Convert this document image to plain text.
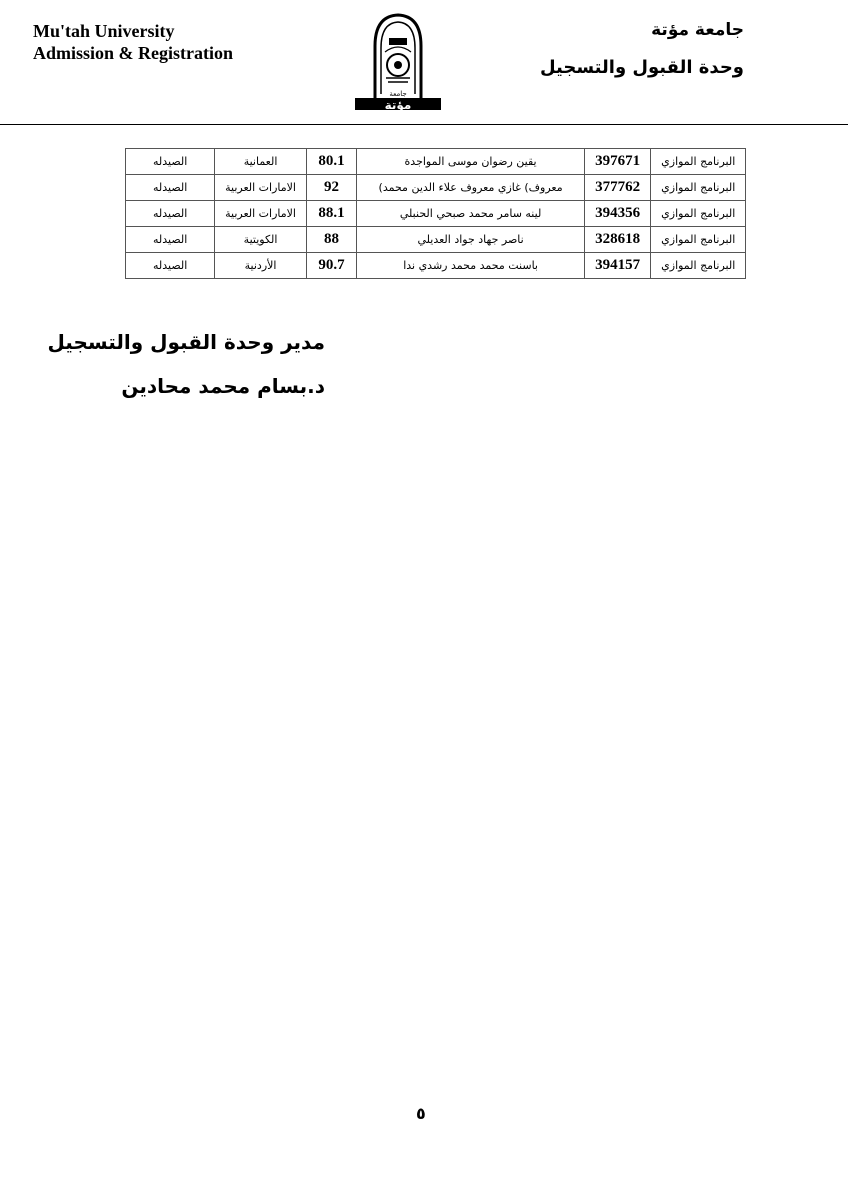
Mu'tah University
Admission & Registration
جامعة
مؤتة
جامعة مؤتة
وحدة القبول والتسجيل
البرنامج الموازي	397671	يقين رضوان موسى المواجدة	80.1	العمانية	الصيدله
البرنامج الموازي	377762	معروف) غازي معروف علاء الدين محمد)	92	الامارات العربية	الصيدله
البرنامج الموازي	394356	لينه سامر محمد صبحي الحنبلي	88.1	الامارات العربية	الصيدله
البرنامج الموازي	328618	ناصر جهاد جواد العديلي	88	الكويتية	الصيدله
البرنامج الموازي	394157	باسنت محمد محمد رشدي ندا	90.7	الأردنية	الصيدله
مدير وحدة القبول والتسجيل
د.بسام محمد محادين
٥
